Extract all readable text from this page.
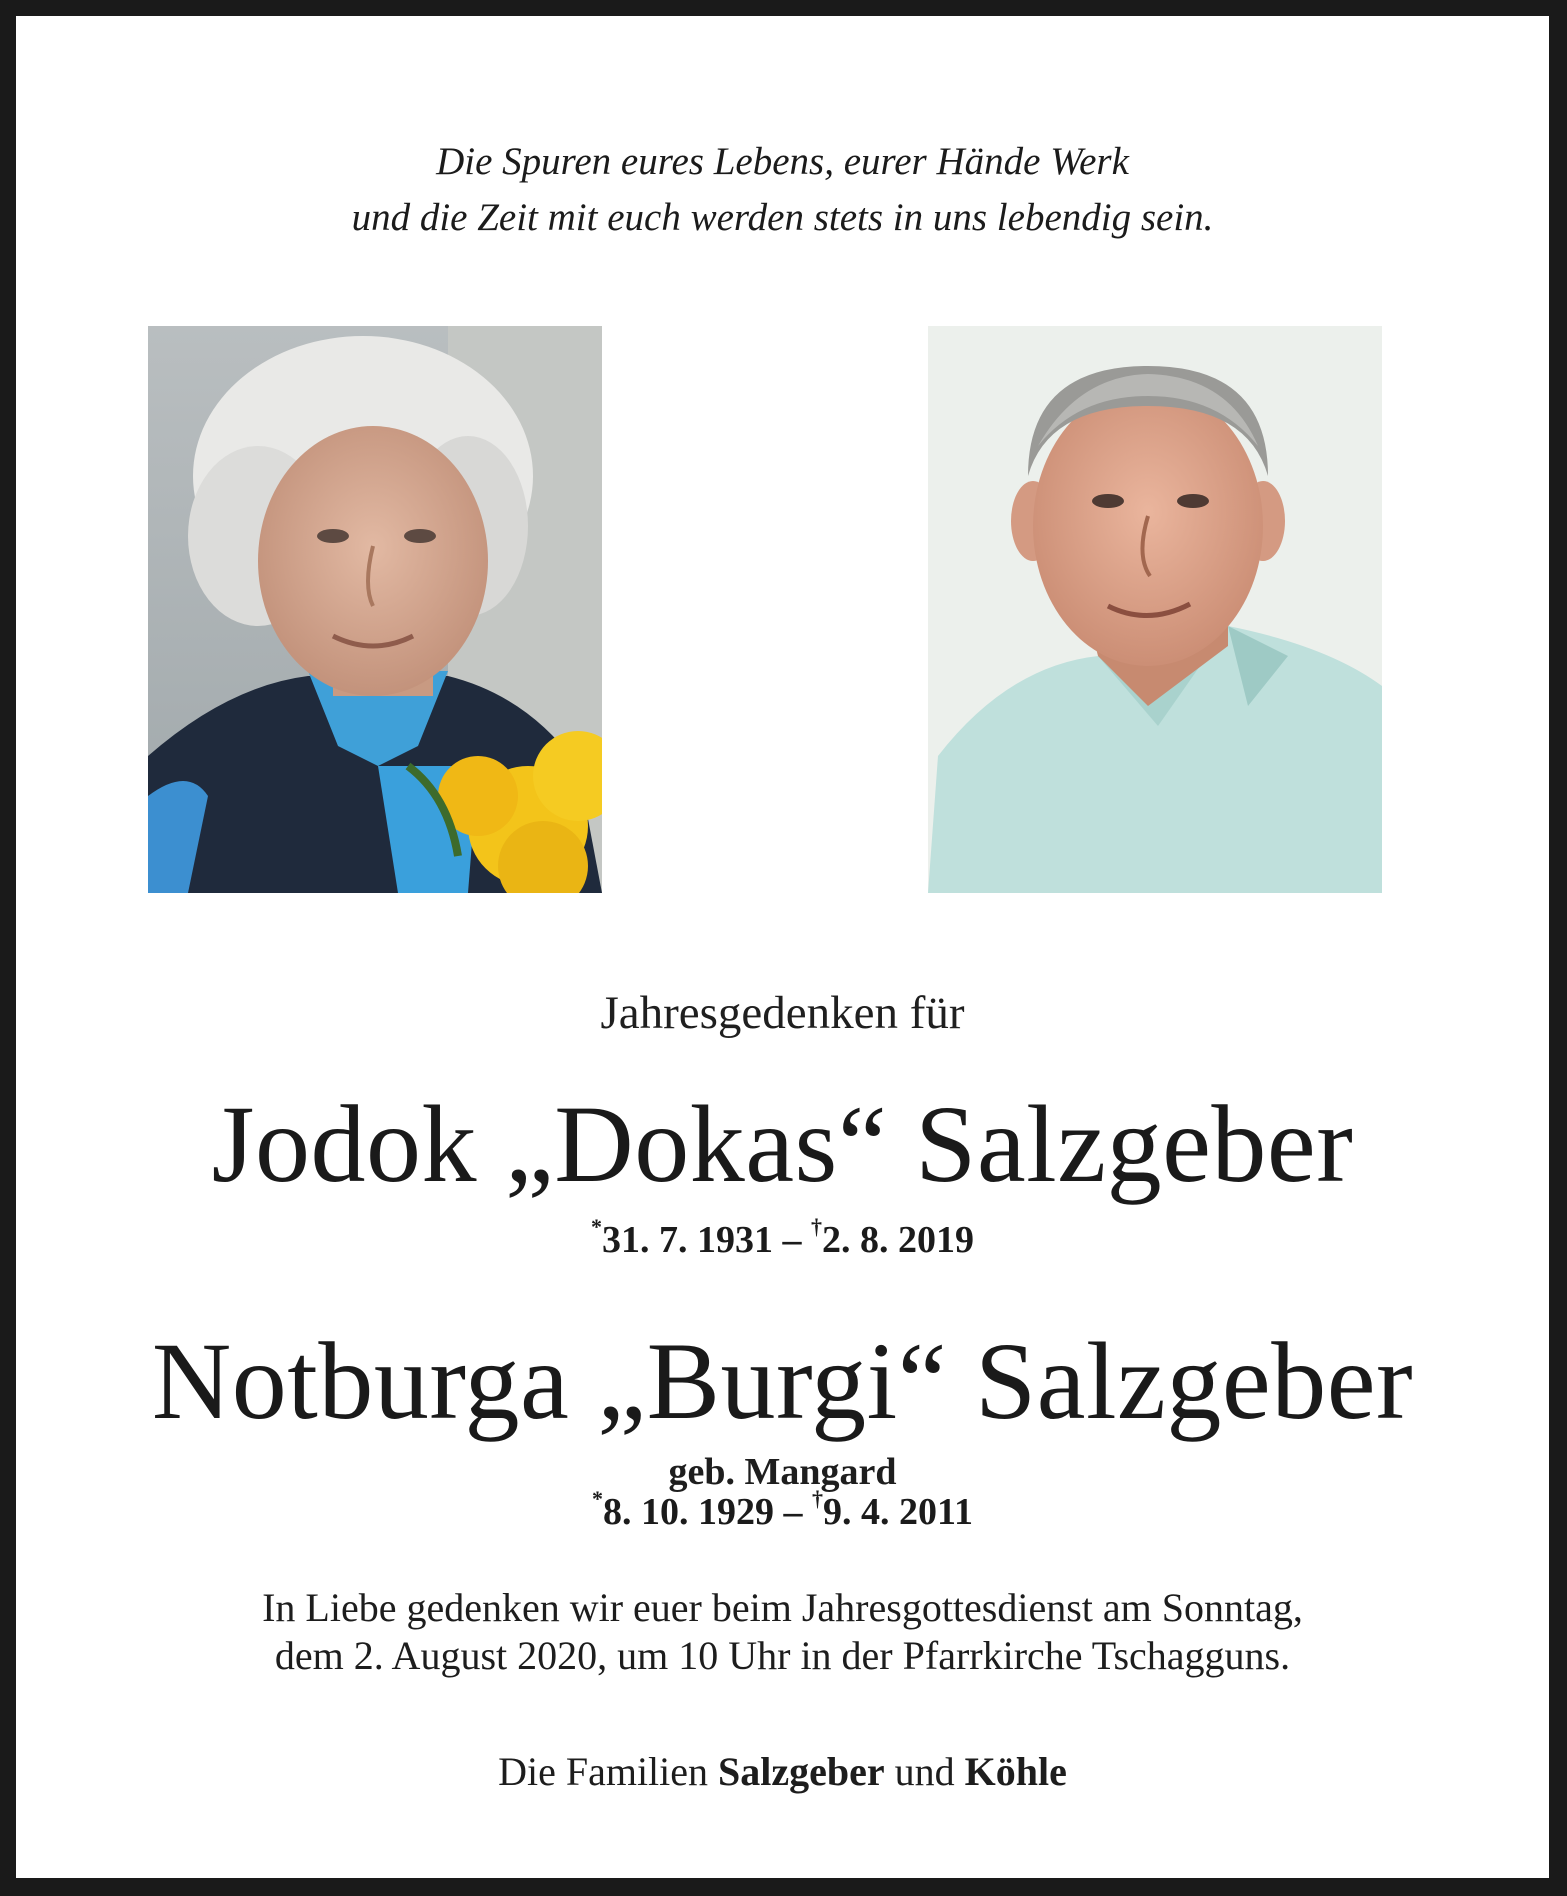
Die Spuren eures Lebens, eurer Hände Werk
und die Zeit mit euch werden stets in uns lebendig sein.
Jahresgedenken für
Jodok „Dokas“ Salzgeber
*31. 7. 1931 – †2. 8. 2019
Notburga „Burgi“ Salzgeber
geb. Mangard
*8. 10. 1929 – †9. 4. 2011
In Liebe gedenken wir euer beim Jahresgottesdienst am Sonntag,
dem 2. August 2020, um 10 Uhr in der Pfarrkirche Tschagguns.
Die Familien Salzgeber und Köhle
